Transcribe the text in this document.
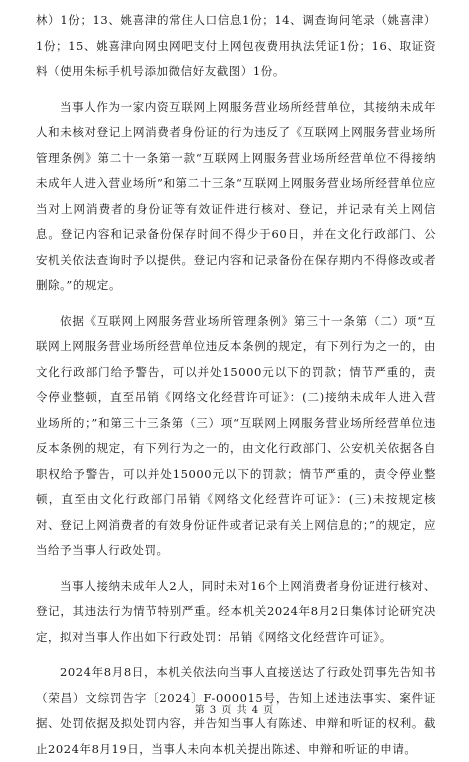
林）1份；13、姚喜津的常住人口信息1份；14、调查询问笔录（姚喜津）1份；15、姚喜津向网虫网吧支付上网包夜费用执法凭证1份；16、取证资料（使用朱标手机号添加微信好友截图）1份。

当事人作为一家内资互联网上网服务营业场所经营单位，其接纳未成年人和未核对登记上网消费者身份证的行为违反了《互联网上网服务营业场所管理条例》第二十一条第一款“互联网上网服务营业场所经营单位不得接纳未成年人进入营业场所”和第二十三条“互联网上网服务营业场所经营单位应当对上网消费者的身份证等有效证件进行核对、登记，并记录有关上网信息。登记内容和记录备份保存时间不得少于60日，并在文化行政部门、公安机关依法查询时予以提供。登记内容和记录备份在保存期内不得修改或者删除。”的规定。

依据《互联网上网服务营业场所管理条例》第三十一条第（二）项“互联网上网服务营业场所经营单位违反本条例的规定，有下列行为之一的，由文化行政部门给予警告，可以并处15000元以下的罚款；情节严重的，责令停业整顿，直至吊销《网络文化经营许可证》：(二)接纳未成年人进入营业场所的；”和第三十三条第（三）项“互联网上网服务营业场所经营单位违反本条例的规定，有下列行为之一的，由文化行政部门、公安机关依据各自职权给予警告，可以并处15000元以下的罚款；情节严重的，责令停业整顿，直至由文化行政部门吊销《网络文化经营许可证》：(三)未按规定核对、登记上网消费者的有效身份证件或者记录有关上网信息的；”的规定，应当给予当事人行政处罚。

当事人接纳未成年人2人，同时未对16个上网消费者身份证进行核对、登记，其违法行为情节特别严重。经本机关2024年8月2日集体讨论研究决定，拟对当事人作出如下行政处罚：吊销《网络文化经营许可证》。

2024年8月8日，本机关依法向当事人直接送达了行政处罚事先告知书（荣昌）文综罚告字〔2024〕F-000015号，告知上述违法事实、案件证据、处罚依据及拟处罚内容，并告知当事人有陈述、申辩和听证的权利。截止2024年8月19日，当事人未向本机关提出陈述、申辩和听证的申请。

第 3 页 共 4 页
